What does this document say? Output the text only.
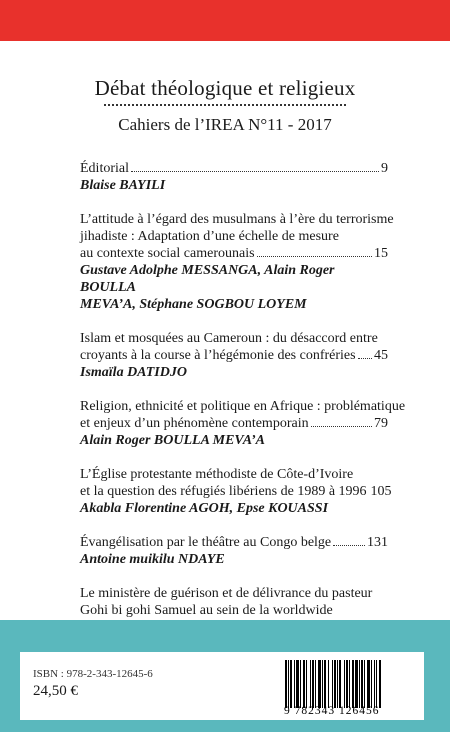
Débat théologique et religieux
Cahiers de l’IREA N°11 - 2017
Éditorial	9
Blaise BAYILI
L’attitude à l’égard des musulmans à l’ère du terrorisme
jihadiste : Adaptation d’une échelle de mesure
au contexte social camerounais	15
Gustave Adolphe MESSANGA, Alain Roger BOULLA
MEVA’A, Stéphane SOGBOU LOYEM
Islam et mosquées au Cameroun : du désaccord entre
croyants à la course à l’hégémonie des confréries 45
Ismaïla DATIDJO
Religion, ethnicité et politique en Afrique : problématique
et enjeux d’un phénomène contemporain	79
Alain Roger BOULLA MEVA’A
L’Église protestante méthodiste de Côte-d’Ivoire
et la question des réfugiés libériens de 1989 à 1996 105
Akabla Florentine AGOH, Epse KOUASSI
Évangélisation par le théâtre au Congo belge	131
Antoine muikilu NDAYE
Le ministère de guérison et de délivrance du pasteur
Gohi bi gohi Samuel au sein de la worldwide
ISBN : 978-2-343-12645-6
24,50 €
9 782343 126456
